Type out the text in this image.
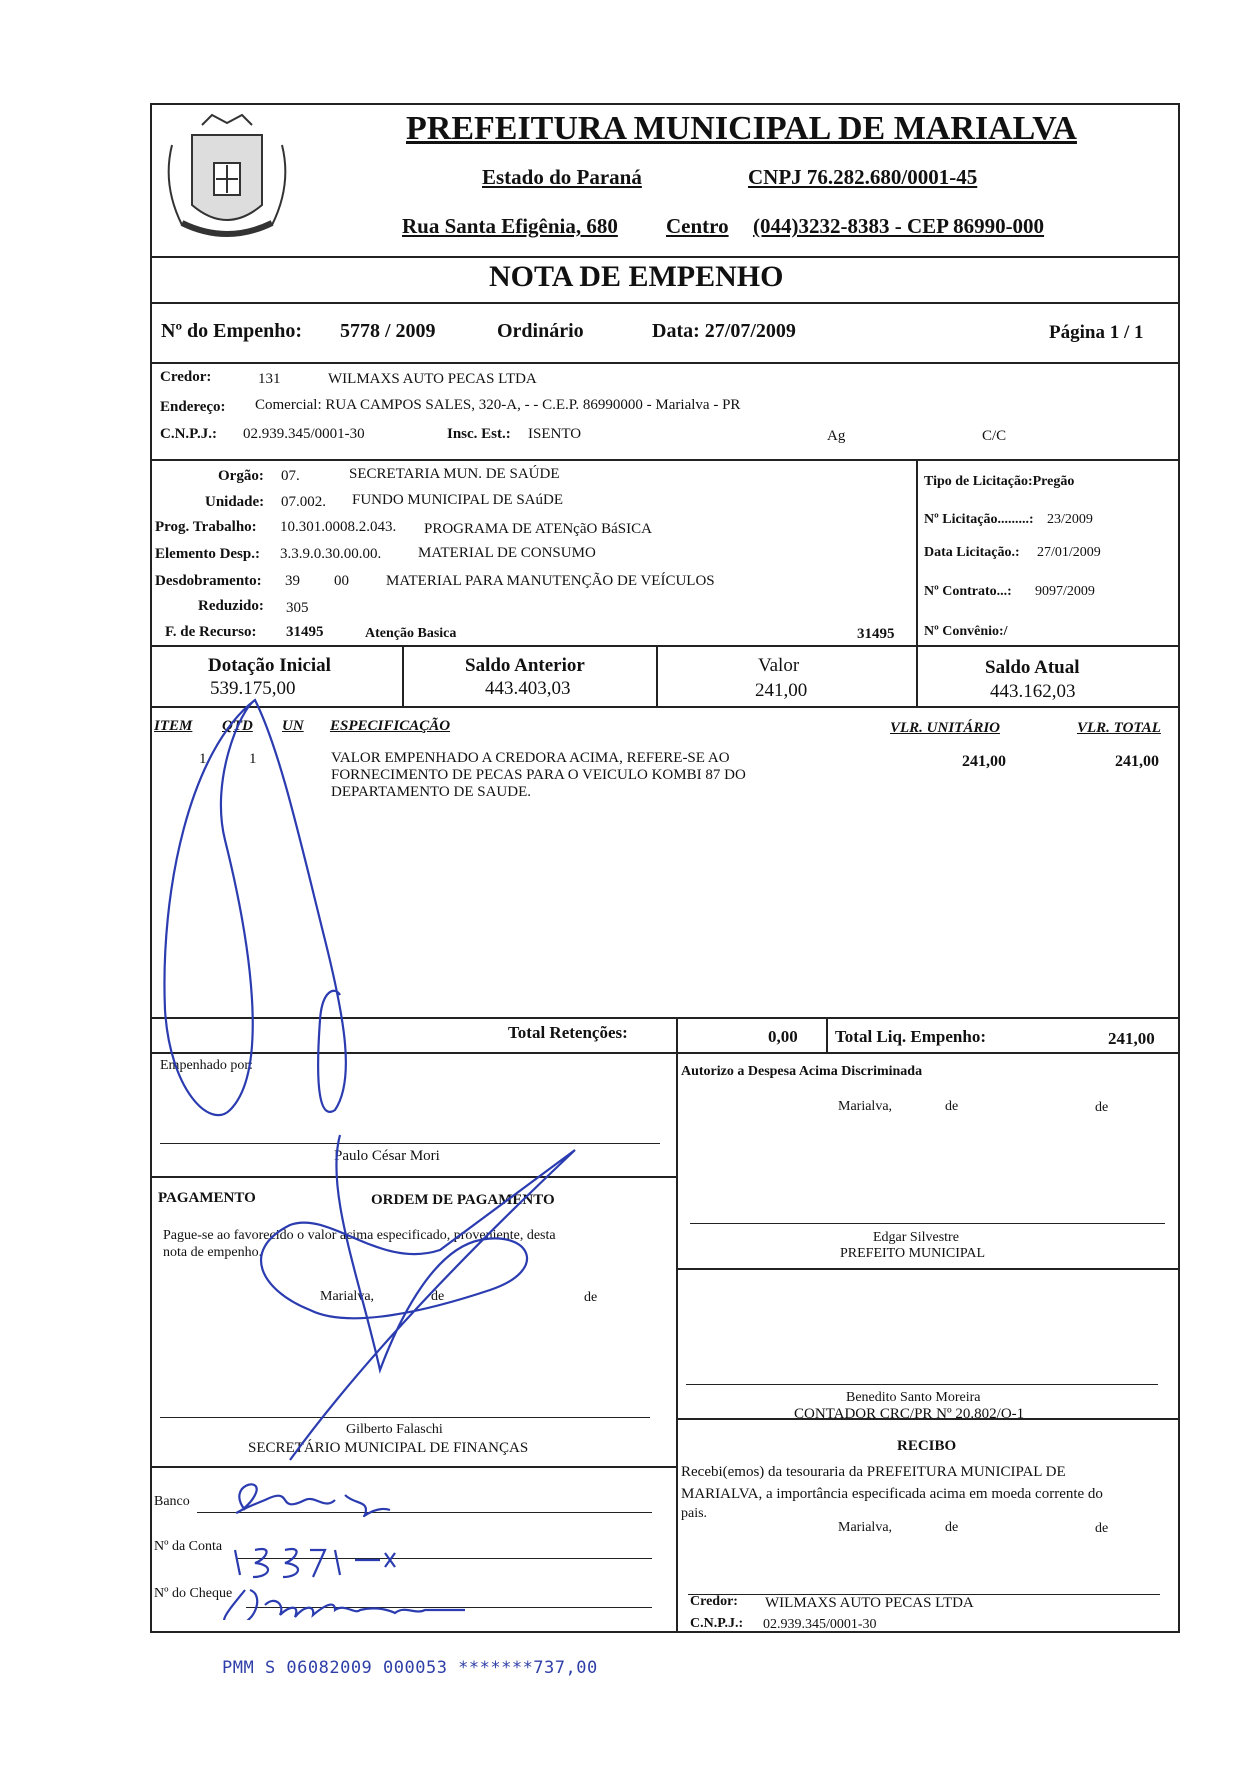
PREFEITURA MUNICIPAL DE MARIALVA
Estado do Paraná	CNPJ 76.282.680/0001-45
Rua Santa Efigênia, 680 Centro (044)3232-8383 - CEP 86990-000
NOTA DE EMPENHO
Nº do Empenho: 5778 / 2009	Ordinário	Data: 27/07/2009	Página 1 / 1
Credor:	131	WILMAXS AUTO PECAS LTDA
Endereço: Comercial: RUA CAMPOS SALES, 320-A, - - C.E.P. 86990000 - Marialva - PR
C.N.P.J.: 02.939.345/0001-30	Insc. Est.: ISENTO	Ag	C/C
Orgão: 07.	SECRETARIA MUN. DE SAÚDE
Unidade: 07.002. FUNDO MUNICIPAL DE SAúDE
Prog. Trabalho: 10.301.0008.2.043. PROGRAMA DE ATENçãO BáSICA
Elemento Desp.: 3.3.9.0.30.00.00. MATERIAL DE CONSUMO
Desdobramento: 39 00 MATERIAL PARA MANUTENÇÃO DE VEÍCULOS
Reduzido: 305
F. de Recurso: 31495	Atenção Basica	31495
Tipo de Licitação:Pregão
Nº Licitação.........: 23/2009
Data Licitação.: 27/01/2009
Nº Contrato...: 9097/2009
Nº Convênio:/
Dotação Inicial
539.175,00
Saldo Anterior
443.403,03
Valor
241,00
Saldo Atual
443.162,03
ITEM QTD UN ESPECIFICAÇÃO	VLR. UNITÁRIO	VLR. TOTAL
1	1	VALOR EMPENHADO A CREDORA ACIMA, REFERE-SE AO
FORNECIMENTO DE PECAS PARA O VEICULO KOMBI 87 DO
DEPARTAMENTO DE SAUDE.
241,00	241,00
Total Retenções:	0,00 Total Liq. Empenho:	241,00
Empenhado por:
Paulo César Mori
Autorizo a Despesa Acima Discriminada
Marialva,	de	de
Edgar Silvestre
PREFEITO MUNICIPAL
PAGAMENTO	ORDEM DE PAGAMENTO
Pague-se ao favorecido o valor acima especificado, proveniente, desta
nota de empenho.
Marialva,	de	de
Gilberto Falaschi
SECRETÁRIO MUNICIPAL DE FINANÇAS
Benedito Santo Moreira
CONTADOR CRC/PR Nº 20.802/O-1
Banco
Nº da Conta
Nº do Cheque
RECIBO
Recebi(emos) da tesouraria da PREFEITURA MUNICIPAL DE
MARIALVA, a importância especificada acima em moeda corrente do
pais.
Marialva,	de	de
Credor: WILMAXS AUTO PECAS LTDA
C.N.P.J.: 02.939.345/0001-30
PMM S 06082009 000053 *******737,00
